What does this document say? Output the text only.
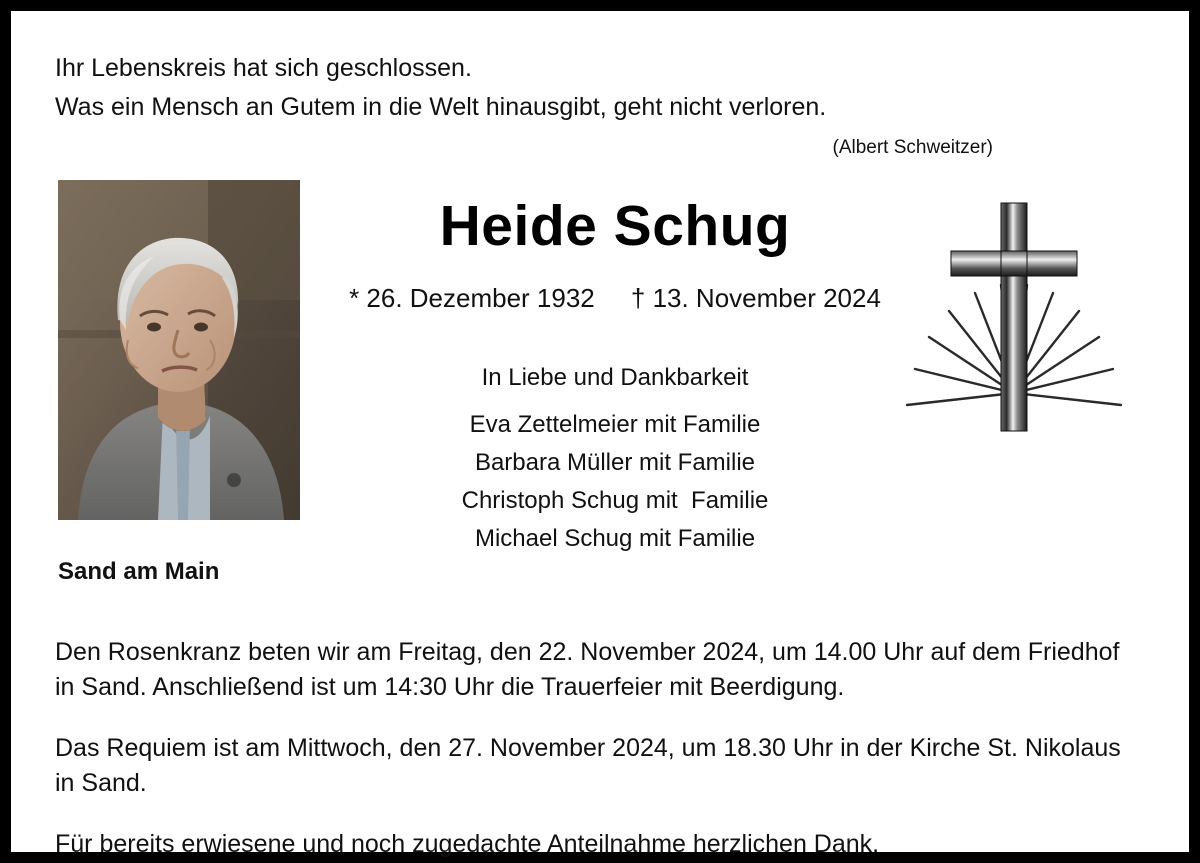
Ihr Lebenskreis hat sich geschlossen.
Was ein Mensch an Gutem in die Welt hinausgibt, geht nicht verloren.
(Albert Schweitzer)
Sand am Main
Heide Schug
* 26. Dezember 1932     † 13. November 2024
In Liebe und Dankbarkeit
Eva Zettelmeier mit Familie
Barbara Müller mit Familie
Christoph Schug mit  Familie
Michael Schug mit Familie
Den Rosenkranz beten wir am Freitag, den 22. November 2024, um 14.00 Uhr auf dem Friedhof in Sand. Anschließend ist um 14:30 Uhr die Trauerfeier mit Beerdigung.
Das Requiem ist am Mittwoch, den 27. November 2024, um 18.30 Uhr in der Kirche St. Nikolaus in Sand.
Für bereits erwiesene und noch zugedachte Anteilnahme herzlichen Dank.
